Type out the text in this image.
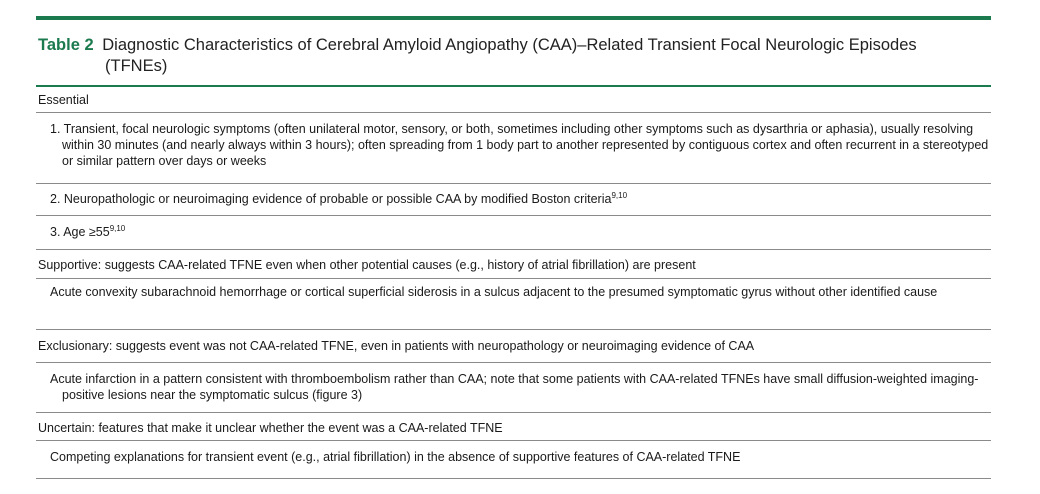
Table 2 Diagnostic Characteristics of Cerebral Amyloid Angiopathy (CAA)–Related Transient Focal Neurologic Episodes
(TFNEs)
Essential
1. Transient, focal neurologic symptoms (often unilateral motor, sensory, or both, sometimes including other symptoms such as dysarthria or aphasia), usually resolving within 30 minutes (and nearly always within 3 hours); often spreading from 1 body part to another represented by contiguous cortex and often recurrent in a stereotyped or similar pattern over days or weeks
2. Neuropathologic or neuroimaging evidence of probable or possible CAA by modified Boston criteria$^{9,10}$
3. Age $\ge 55^{9,10}$
Supportive: suggests CAA-related TFNE even when other potential causes (e.g., history of atrial fibrillation) are present
Acute convexity subarachnoid hemorrhage or cortical superficial siderosis in a sulcus adjacent to the presumed symptomatic gyrus without other identified cause
Exclusionary: suggests event was not CAA-related TFNE, even in patients with neuropathology or neuroimaging evidence of CAA
Acute infarction in a pattern consistent with thromboembolism rather than CAA; note that some patients with CAA-related TFNEs have small diffusion-weighted imaging-positive lesions near the symptomatic sulcus (figure 3)
Uncertain: features that make it unclear whether the event was a CAA-related TFNE
Competing explanations for transient event (e.g., atrial fibrillation) in the absence of supportive features of CAA-related TFNE
